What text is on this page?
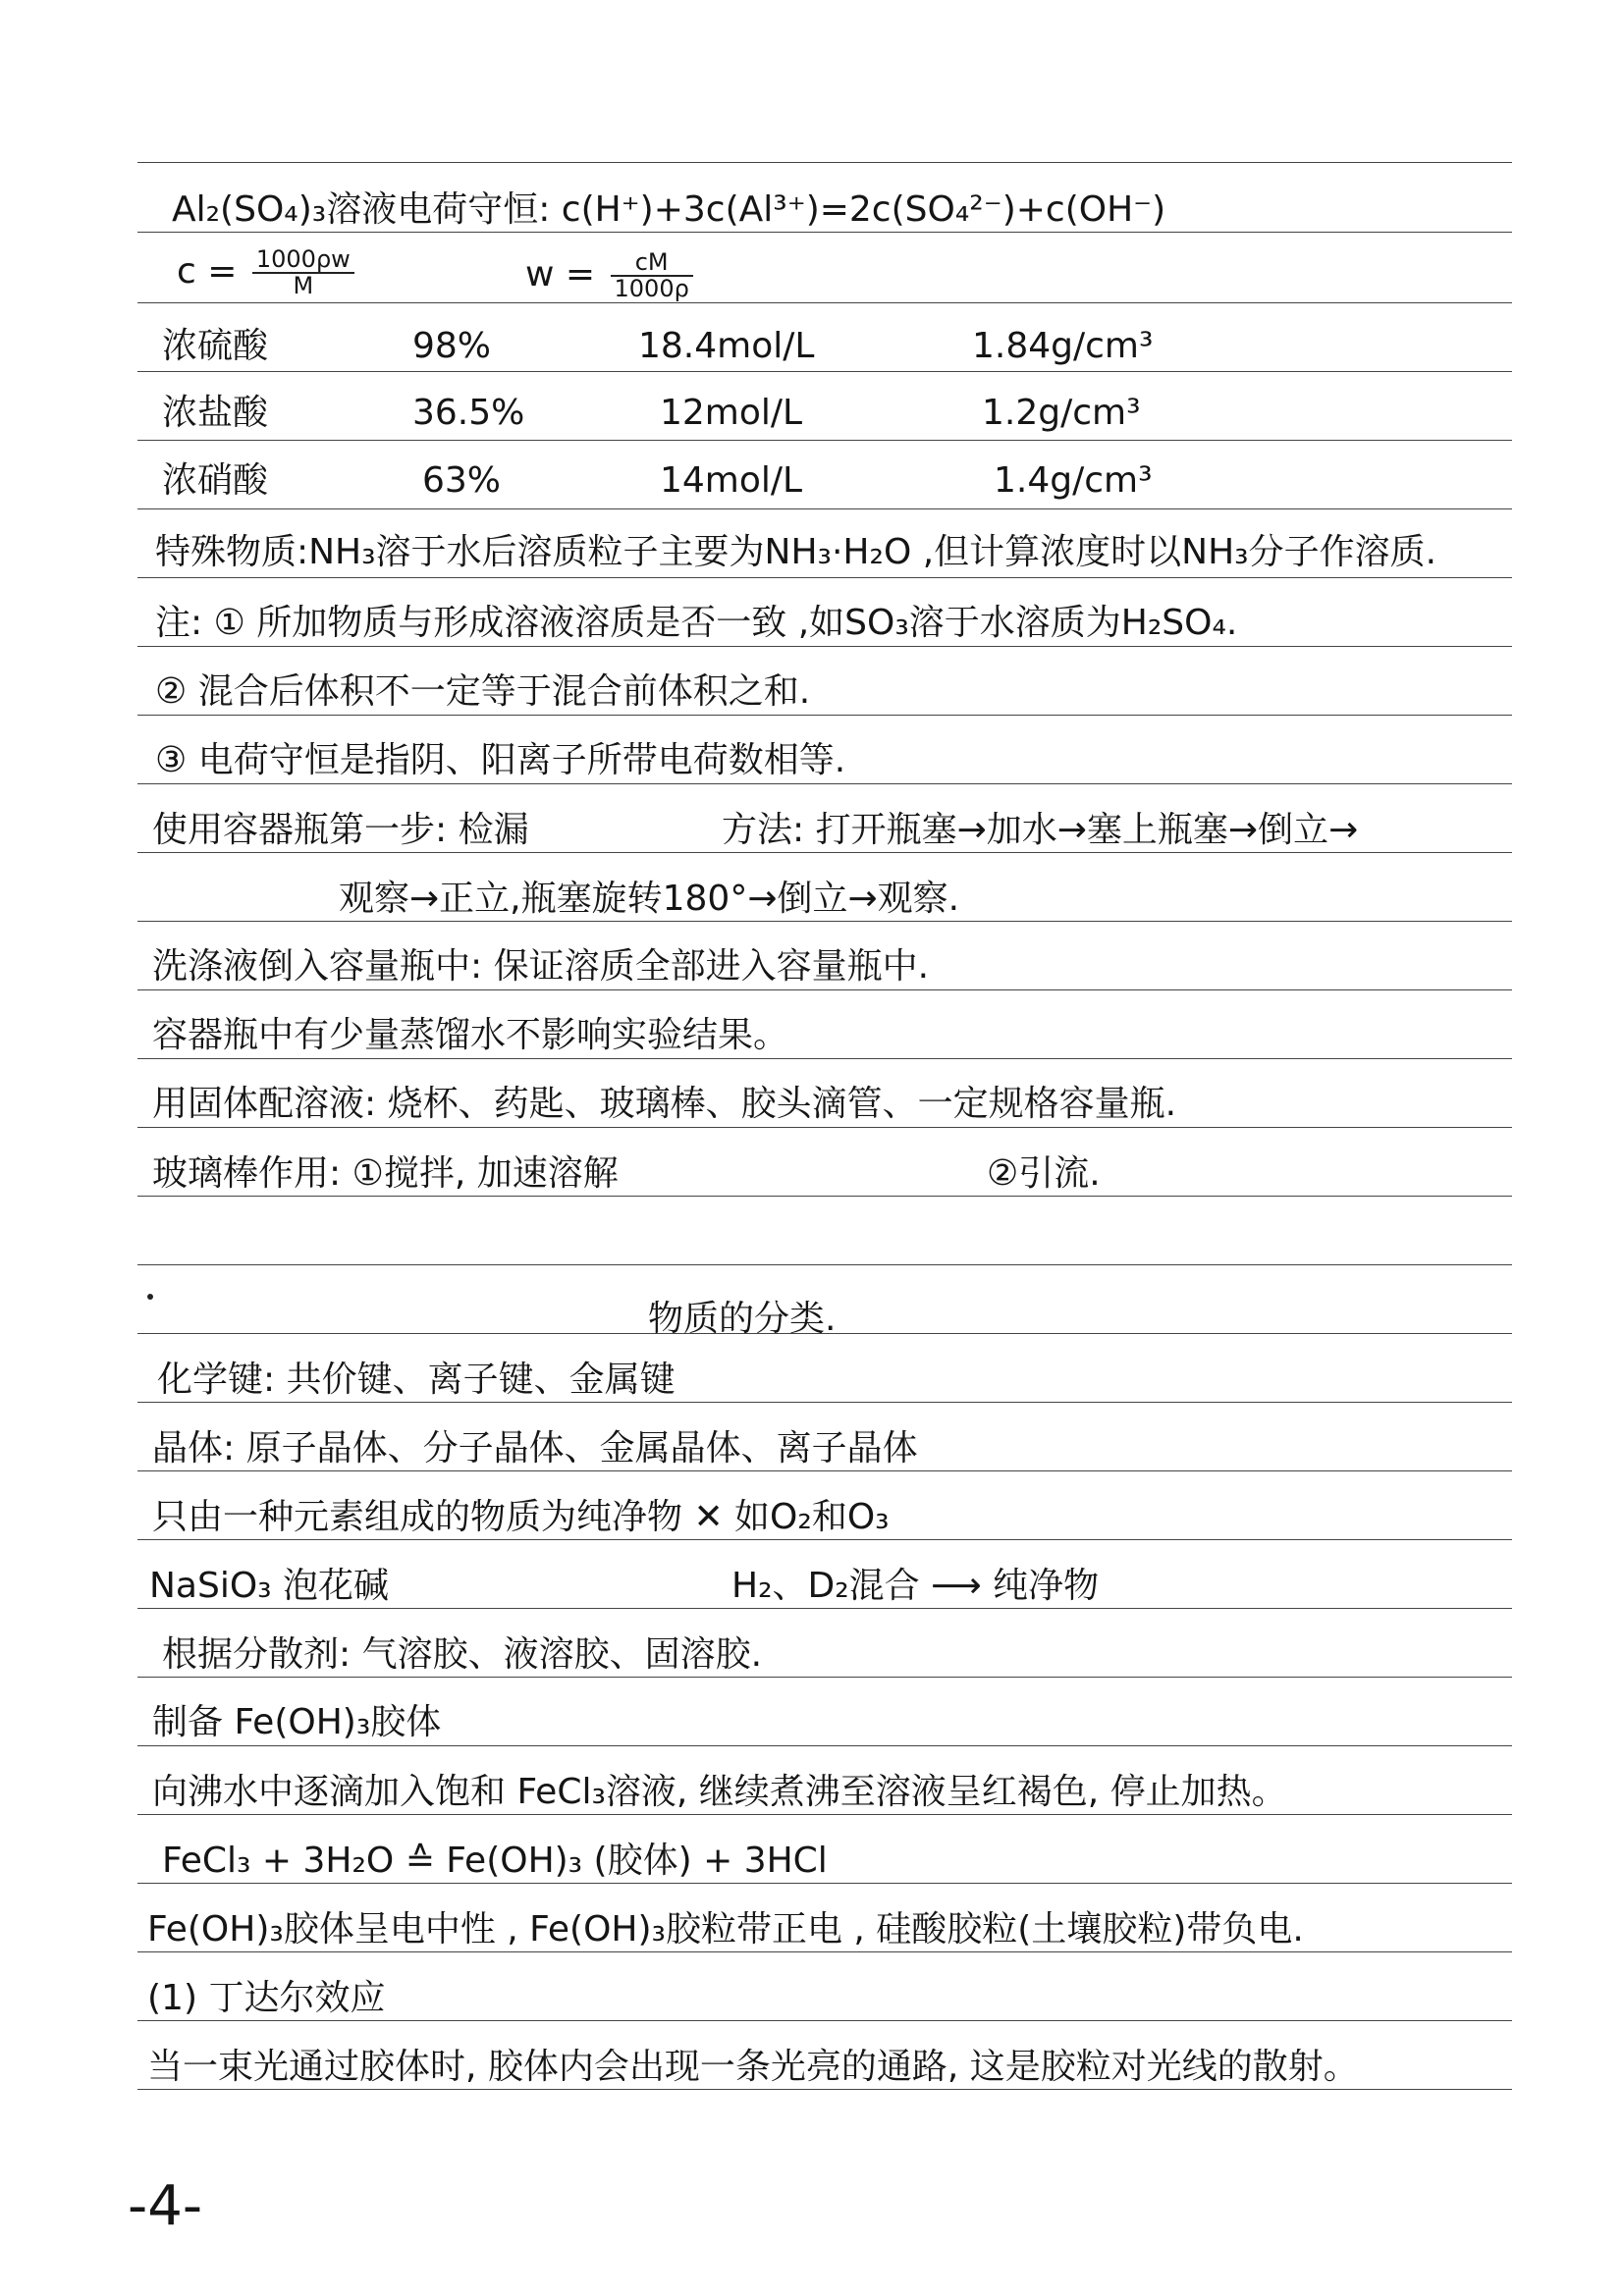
Al₂(SO₄)₃溶液电荷守恒: c(H⁺)+3c(Al³⁺)=2c(SO₄²⁻)+c(OH⁻)
$c = \frac{1000\rho w}{M}$	$w = \frac{cM}{1000\rho}$
浓硫酸	98%	18.4mol/L	1.84g/cm³
浓盐酸	36.5%	12mol/L	1.2g/cm³
浓硝酸	63%	14mol/L	1.4g/cm³
特殊物质:NH₃溶于水后溶质粒子主要为NH₃·H₂O ,但计算浓度时以NH₃分子作溶质.
注: ① 所加物质与形成溶液溶质是否一致 ,如SO₃溶于水溶质为H₂SO₄.
② 混合后体积不一定等于混合前体积之和.
③ 电荷守恒是指阴、阳离子所带电荷数相等.
使用容器瓶第一步: 检漏	方法: 打开瓶塞→加水→塞上瓶塞→倒立→
观察→正立,瓶塞旋转180°→倒立→观察.
洗涤液倒入容量瓶中: 保证溶质全部进入容量瓶中.
容器瓶中有少量蒸馏水不影响实验结果。
用固体配溶液: 烧杯、药匙、玻璃棒、胶头滴管、一定规格容量瓶.
玻璃棒作用: ①搅拌, 加速溶解	②引流.
物质的分类.
化学键: 共价键、离子键、金属键
晶体: 原子晶体、分子晶体、金属晶体、离子晶体
只由一种元素组成的物质为纯净物 ✕ 如O₂和O₃
NaSiO₃ 泡花碱	H₂、D₂混合 ⟶ 纯净物
根据分散剂: 气溶胶、液溶胶、固溶胶.
制备 Fe(OH)₃胶体
向沸水中逐滴加入饱和 FeCl₃溶液, 继续煮沸至溶液呈红褐色, 停止加热。
FeCl₃ + 3H₂O ≙ Fe(OH)₃ (胶体) + 3HCl
Fe(OH)₃胶体呈电中性 , Fe(OH)₃胶粒带正电 , 硅酸胶粒(土壤胶粒)带负电.
(1) 丁达尔效应
当一束光通过胶体时, 胶体内会出现一条光亮的通路, 这是胶粒对光线的散射。
-4-
